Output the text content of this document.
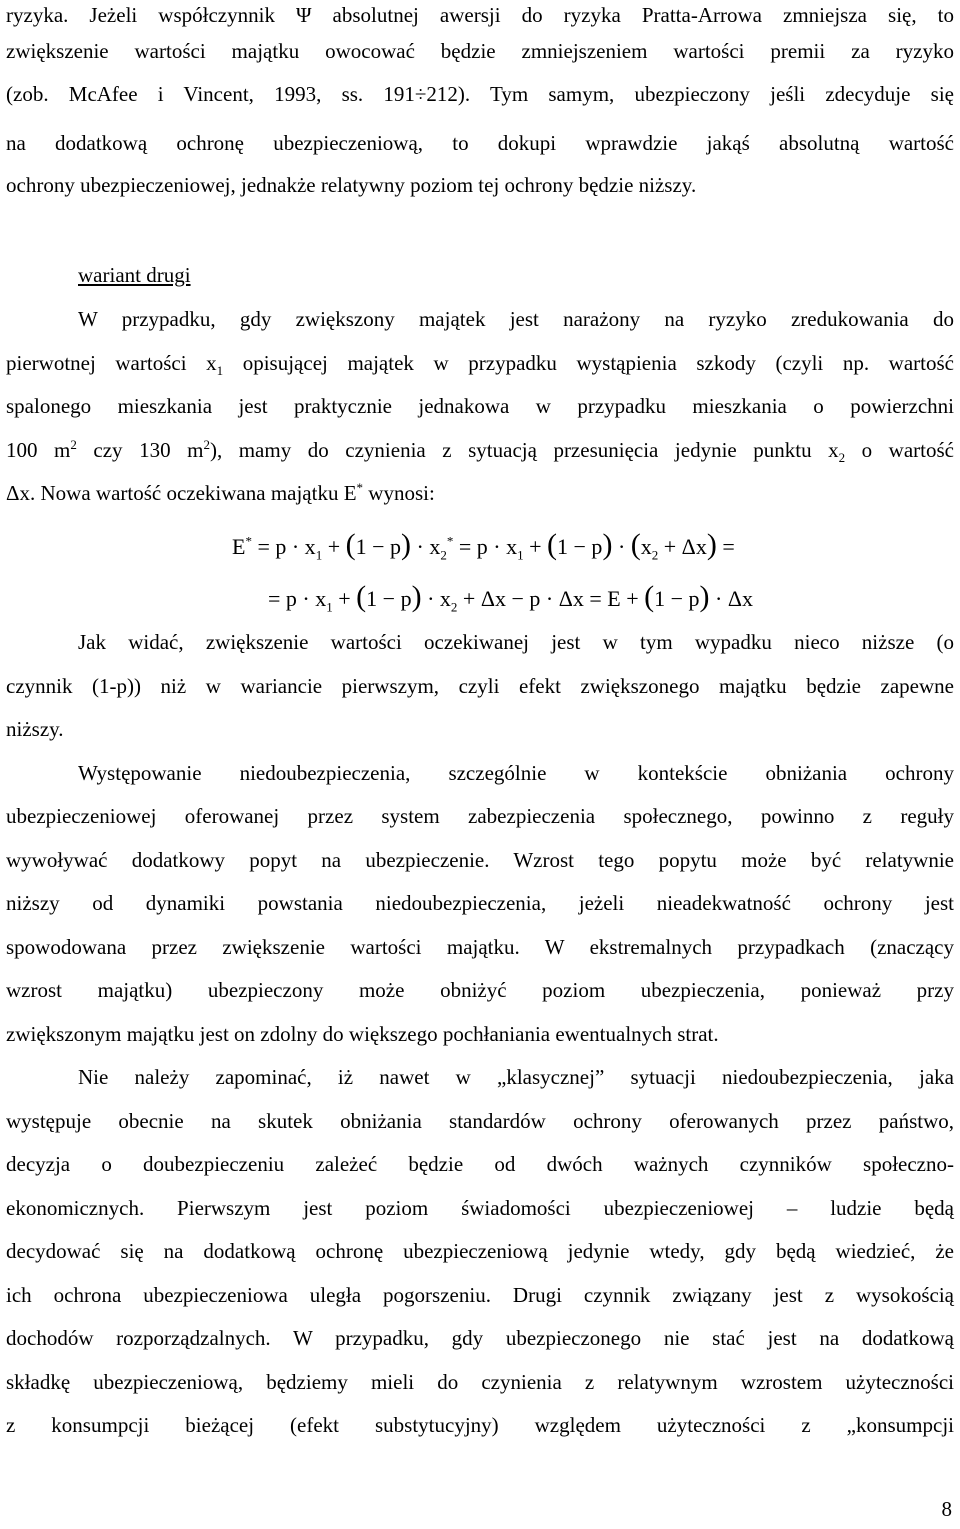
ryzyka. Jeżeli współczynnik Ψ absolutnej awersji do ryzyka Pratta-Arrowa zmniejsza się, to
zwiększenie wartości majątku owocować będzie zmniejszeniem wartości premii za ryzyko
(zob. McAfee i Vincent, 1993, ss. 191÷212). Tym samym, ubezpieczony jeśli zdecyduje się
na dodatkową ochronę ubezpieczeniową, to dokupi wprawdzie jakąś absolutną wartość
ochrony ubezpieczeniowej, jednakże relatywny poziom tej ochrony będzie niższy.
wariant drugi
W przypadku, gdy zwiększony majątek jest narażony na ryzyko zredukowania do
pierwotnej wartości $x_1$ opisującej majątek w przypadku wystąpienia szkody (czyli np. wartość
spalonego mieszkania jest praktycznie jednakowa w przypadku mieszkania o powierzchni
100 $m^2$ czy 130 $m^2$), mamy do czynienia z sytuacją przesunięcia jedynie punktu $x_2$ o wartość
Δx. Nowa wartość oczekiwana majątku E* wynosi:
$E^* = p \cdot x_1 + (1 - p) \cdot x_2^* = p \cdot x_1 + (1 - p) \cdot (x_2 + \Delta x)$ =
= $p \cdot x_1 + (1 - p) \cdot x_2 + \Delta x - p \cdot \Delta x = E + (1 - p) \cdot \Delta x$
Jak widać, zwiększenie wartości oczekiwanej jest w tym wypadku nieco niższe (o
czynnik (1-p)) niż w wariancie pierwszym, czyli efekt zwiększonego majątku będzie zapewne
niższy.
Występowanie niedoubezpieczenia, szczególnie w kontekście obniżania ochrony
ubezpieczeniowej oferowanej przez system zabezpieczenia społecznego, powinno z reguły
wywoływać dodatkowy popyt na ubezpieczenie. Wzrost tego popytu może być relatywnie
niższy od dynamiki powstania niedoubezpieczenia, jeżeli nieadekwatność ochrony jest
spowodowana przez zwiększenie wartości majątku. W ekstremalnych przypadkach (znaczący
wzrost majątku) ubezpieczony może obniżyć poziom ubezpieczenia, ponieważ przy
zwiększonym majątku jest on zdolny do większego pochłaniania ewentualnych strat.
Nie należy zapominać, iż nawet w „klasycznej” sytuacji niedoubezpieczenia, jaka
występuje obecnie na skutek obniżania standardów ochrony oferowanych przez państwo,
decyzja o doubezpieczeniu zależeć będzie od dwóch ważnych czynników społeczno-
ekonomicznych. Pierwszym jest poziom świadomości ubezpieczeniowej – ludzie będą
decydować się na dodatkową ochronę ubezpieczeniową jedynie wtedy, gdy będą wiedzieć, że
ich ochrona ubezpieczeniowa uległa pogorszeniu. Drugi czynnik związany jest z wysokością
dochodów rozporządzalnych. W przypadku, gdy ubezpieczonego nie stać jest na dodatkową
składkę ubezpieczeniową, będziemy mieli do czynienia z relatywnym wzrostem użyteczności
z konsumpcji bieżącej (efekt substytucyjny) względem użyteczności z „konsumpcji
8
